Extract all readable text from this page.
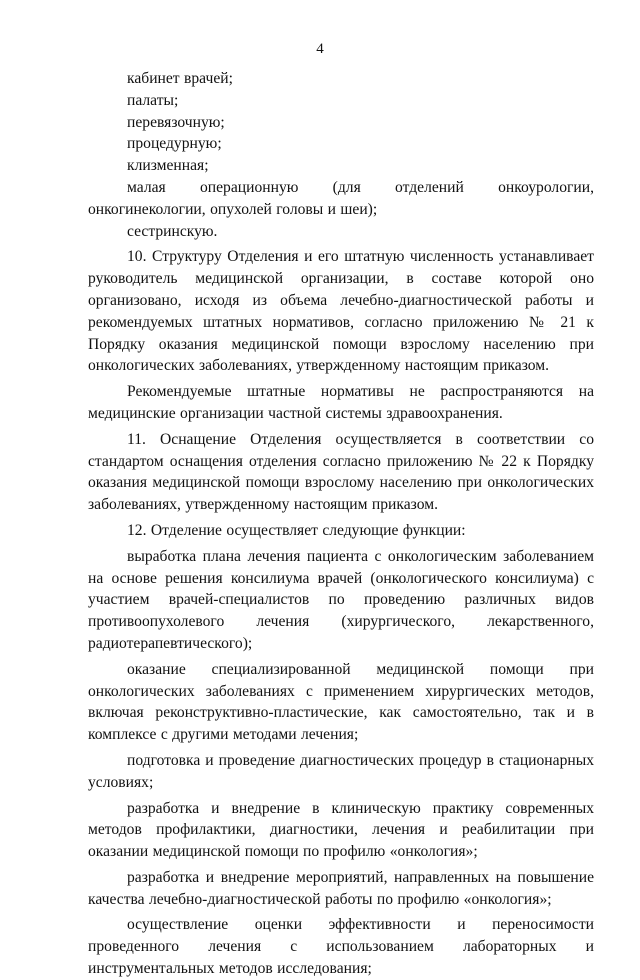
4

кабинет врачей;

палаты;

перевязочную;

процедурную;

клизменная;

малая операционную (для отделений онкоурологии, онкогинекологии, опухолей головы и шеи);

сестринскую.

10. Структуру Отделения и его штатную численность устанавливает руководитель медицинской организации, в составе которой оно организовано, исходя из объема лечебно-диагностической работы и рекомендуемых штатных нормативов, согласно приложению № 21 к Порядку оказания медицинской помощи взрослому населению при онкологических заболеваниях, утвержденному настоящим приказом.

Рекомендуемые штатные нормативы не распространяются на медицинские организации частной системы здравоохранения.

11. Оснащение Отделения осуществляется в соответствии со стандартом оснащения отделения согласно приложению № 22 к Порядку оказания медицинской помощи взрослому населению при онкологических заболеваниях, утвержденному настоящим приказом.

12. Отделение осуществляет следующие функции:

выработка плана лечения пациента с онкологическим заболеванием на основе решения консилиума врачей (онкологического консилиума) с участием врачей-специалистов по проведению различных видов противоопухолевого лечения (хирургического, лекарственного, радиотерапевтического);

оказание специализированной медицинской помощи при онкологических заболеваниях с применением хирургических методов, включая реконструктивно-пластические, как самостоятельно, так и в комплексе с другими методами лечения;

подготовка и проведение диагностических процедур в стационарных условиях;

разработка и внедрение в клиническую практику современных методов профилактики, диагностики, лечения и реабилитации при оказании медицинской помощи по профилю «онкология»;

разработка и внедрение мероприятий, направленных на повышение качества лечебно-диагностической работы по профилю «онкология»;

осуществление оценки эффективности и переносимости проведенного лечения с использованием лабораторных и инструментальных методов исследования;
